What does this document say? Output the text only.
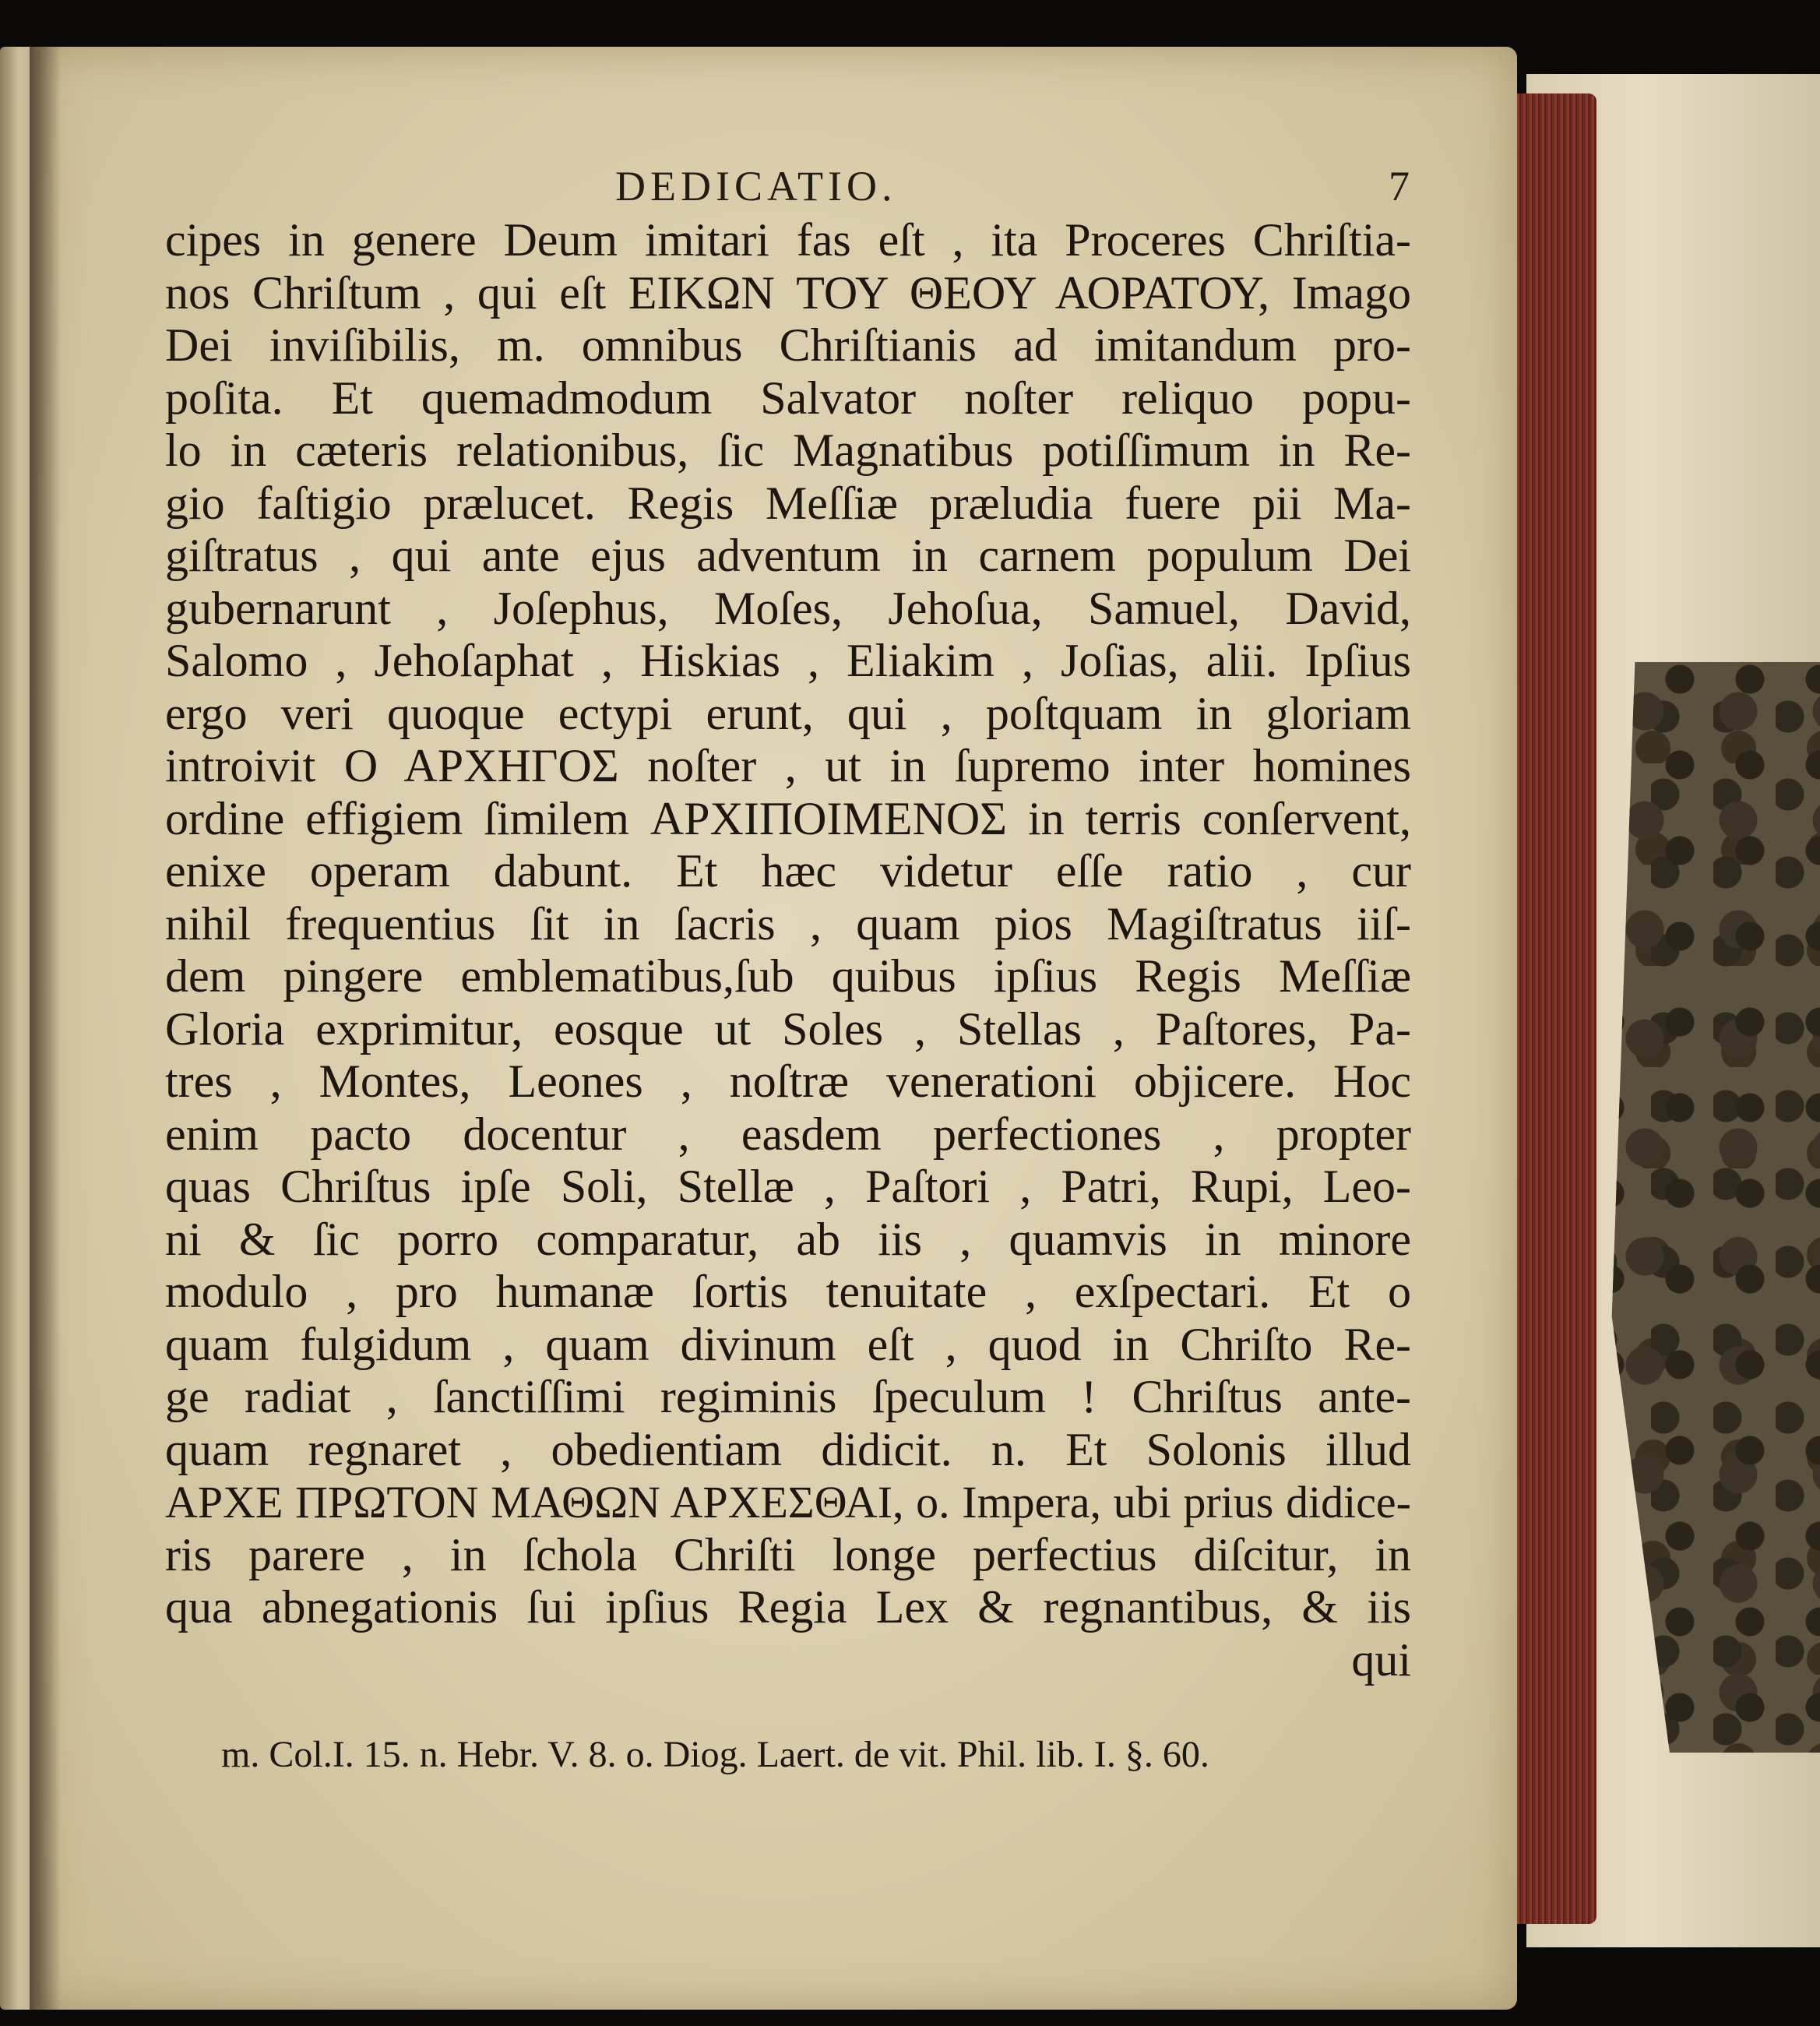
DEDICATIO.	7
cipes in genere Deum imitari fas eſt , ita Proceres Chriſtia-
nos Chriſtum , qui eſt ΕΙΚΩΝ ΤΟΥ ΘΕΟΥ ΑΟΡΑΤΟΥ, Imago
Dei inviſibilis, m. omnibus Chriſtianis ad imitandum pro-
poſita. Et quemadmodum Salvator noſter reliquo popu-
lo in cæteris relationibus, ſic Magnatibus potiſſimum in Re-
gio faſtigio prælucet. Regis Meſſiæ præludia fuere pii Ma-
giſtratus , qui ante ejus adventum in carnem populum Dei
gubernarunt , Joſephus, Moſes, Jehoſua, Samuel, David,
Salomo , Jehoſaphat , Hiskias , Eliakim , Joſias, alii. Ipſius
ergo veri quoque ectypi erunt, qui , poſtquam in gloriam
introivit Ο ΑΡΧΗΓΟΣ noſter , ut in ſupremo inter homines
ordine effigiem ſimilem ΑΡΧΙΠΟΙΜΕΝΟΣ in terris conſervent,
enixe operam dabunt. Et hæc videtur eſſe ratio , cur
nihil frequentius ſit in ſacris , quam pios Magiſtratus iiſ-
dem pingere emblematibus,ſub quibus ipſius Regis Meſſiæ
Gloria exprimitur, eosque ut Soles , Stellas , Paſtores, Pa-
tres , Montes, Leones , noſtræ venerationi objicere. Hoc
enim pacto docentur , easdem perfectiones , propter
quas Chriſtus ipſe Soli, Stellæ , Paſtori , Patri, Rupi, Leo-
ni & ſic porro comparatur, ab iis , quamvis in minore
modulo , pro humanæ ſortis tenuitate , exſpectari. Et o
quam fulgidum , quam divinum eſt , quod in Chriſto Re-
ge radiat , ſanctiſſimi regiminis ſpeculum ! Chriſtus ante-
quam regnaret , obedientiam didicit. n. Et Solonis illud
ΑΡΧΕ ΠΡΩΤΟΝ ΜΑΘΩΝ ΑΡΧΕΣΘΑΙ, o. Impera, ubi prius didice-
ris parere , in ſchola Chriſti longe perfectius diſcitur, in
qua abnegationis ſui ipſius Regia Lex & regnantibus, & iis
qui
m. Col.I. 15. n. Hebr. V. 8. o. Diog. Laert. de vit. Phil. lib. I. §. 60.
